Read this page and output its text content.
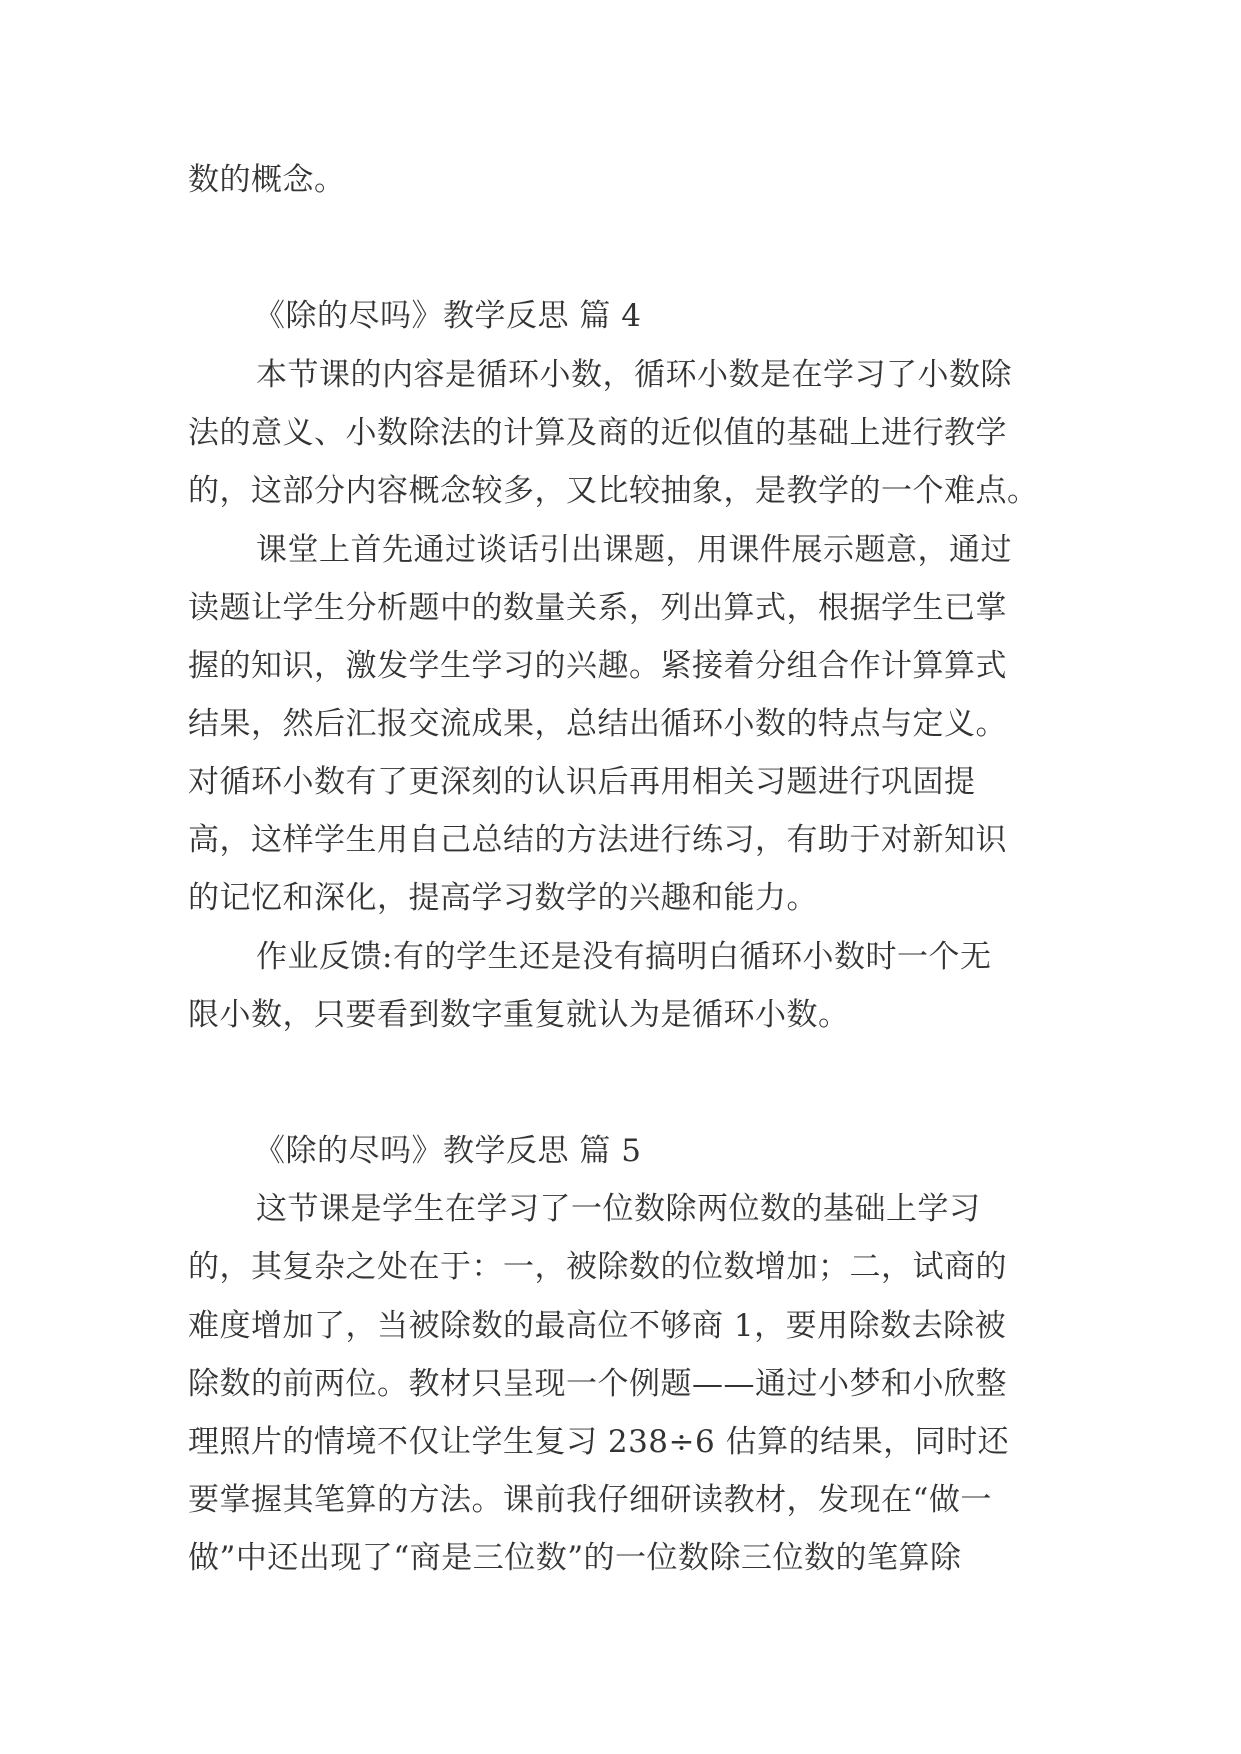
数的概念。
《除的尽吗》教学反思 篇 4
本节课的内容是循环小数，循环小数是在学习了小数除
法的意义、小数除法的计算及商的近似值的基础上进行教学
的，这部分内容概念较多，又比较抽象，是教学的一个难点。
课堂上首先通过谈话引出课题，用课件展示题意，通过
读题让学生分析题中的数量关系，列出算式，根据学生已掌
握的知识，激发学生学习的兴趣。紧接着分组合作计算算式
结果，然后汇报交流成果，总结出循环小数的特点与定义。
对循环小数有了更深刻的认识后再用相关习题进行巩固提
高，这样学生用自己总结的方法进行练习，有助于对新知识
的记忆和深化，提高学习数学的兴趣和能力。
作业反馈:有的学生还是没有搞明白循环小数时一个无
限小数，只要看到数字重复就认为是循环小数。
《除的尽吗》教学反思 篇 5
这节课是学生在学习了一位数除两位数的基础上学习
的，其复杂之处在于：一，被除数的位数增加；二，试商的
难度增加了，当被除数的最高位不够商 1，要用除数去除被
除数的前两位。教材只呈现一个例题——通过小梦和小欣整
理照片的情境不仅让学生复习 238÷6 估算的结果，同时还
要掌握其笔算的方法。课前我仔细研读教材，发现在“做一
做”中还出现了“商是三位数”的一位数除三位数的笔算除
